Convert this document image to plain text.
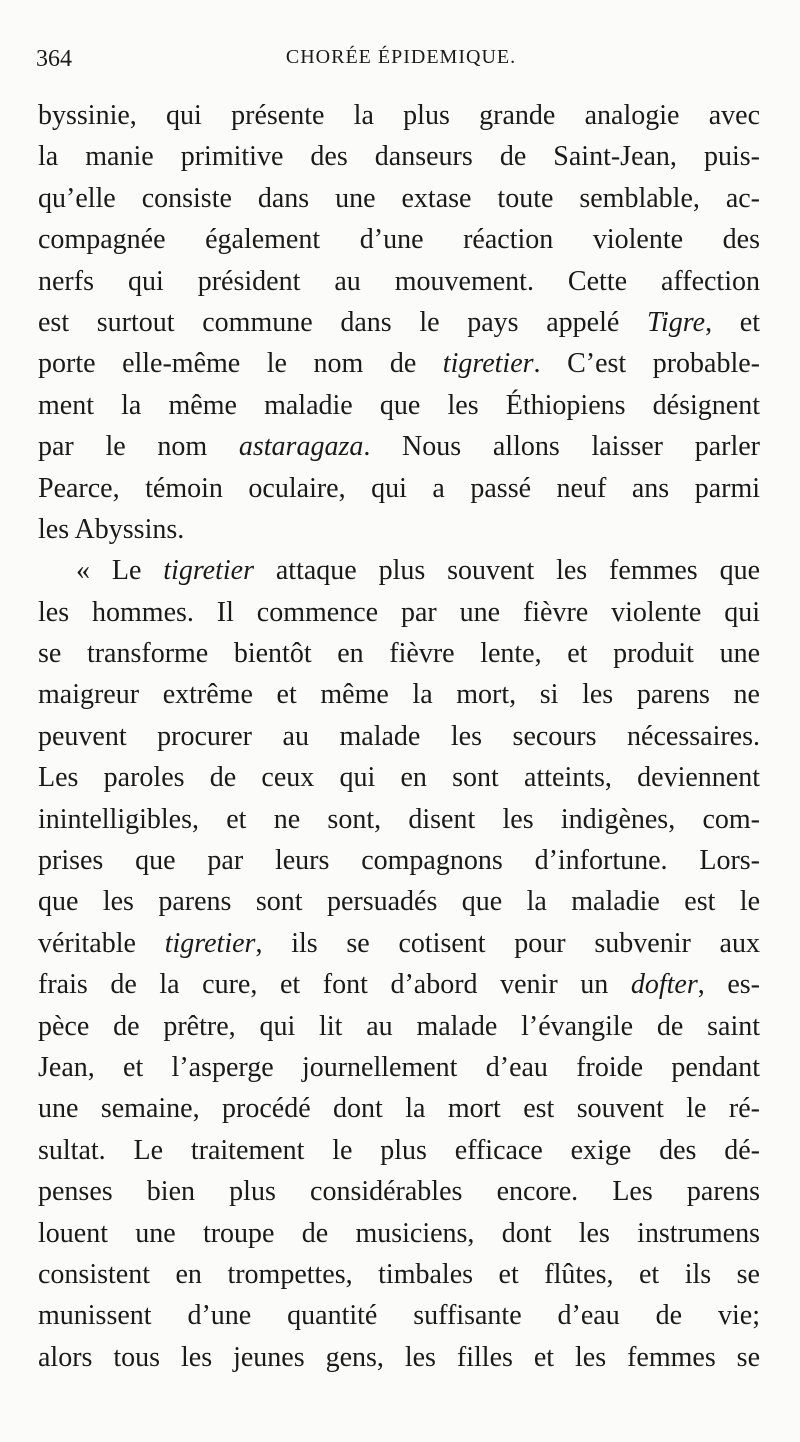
364	CHORÉE ÉPIDEMIQUE.
byssinie, qui présente la plus grande analogie avec
la manie primitive des danseurs de Saint-Jean, puis-
qu’elle consiste dans une extase toute semblable, ac-
compagnée également d’une réaction violente des
nerfs qui président au mouvement. Cette affection
est surtout commune dans le pays appelé Tigre, et
porte elle-même le nom de tigretier. C’est probable-
ment la même maladie que les Éthiopiens désignent
par le nom astaragaza. Nous allons laisser parler
Pearce, témoin oculaire, qui a passé neuf ans parmi
les Abyssins.
« Le tigretier attaque plus souvent les femmes que
les hommes. Il commence par une fièvre violente qui
se transforme bientôt en fièvre lente, et produit une
maigreur extrême et même la mort, si les parens ne
peuvent procurer au malade les secours nécessaires.
Les paroles de ceux qui en sont atteints, deviennent
inintelligibles, et ne sont, disent les indigènes, com-
prises que par leurs compagnons d’infortune. Lors-
que les parens sont persuadés que la maladie est le
véritable tigretier, ils se cotisent pour subvenir aux
frais de la cure, et font d’abord venir un dofter, es-
pèce de prêtre, qui lit au malade l’évangile de saint
Jean, et l’asperge journellement d’eau froide pendant
une semaine, procédé dont la mort est souvent le ré-
sultat. Le traitement le plus efficace exige des dé-
penses bien plus considérables encore. Les parens
louent une troupe de musiciens, dont les instrumens
consistent en trompettes, timbales et flûtes, et ils se
munissent d’une quantité suffisante d’eau de vie;
alors tous les jeunes gens, les filles et les femmes se
